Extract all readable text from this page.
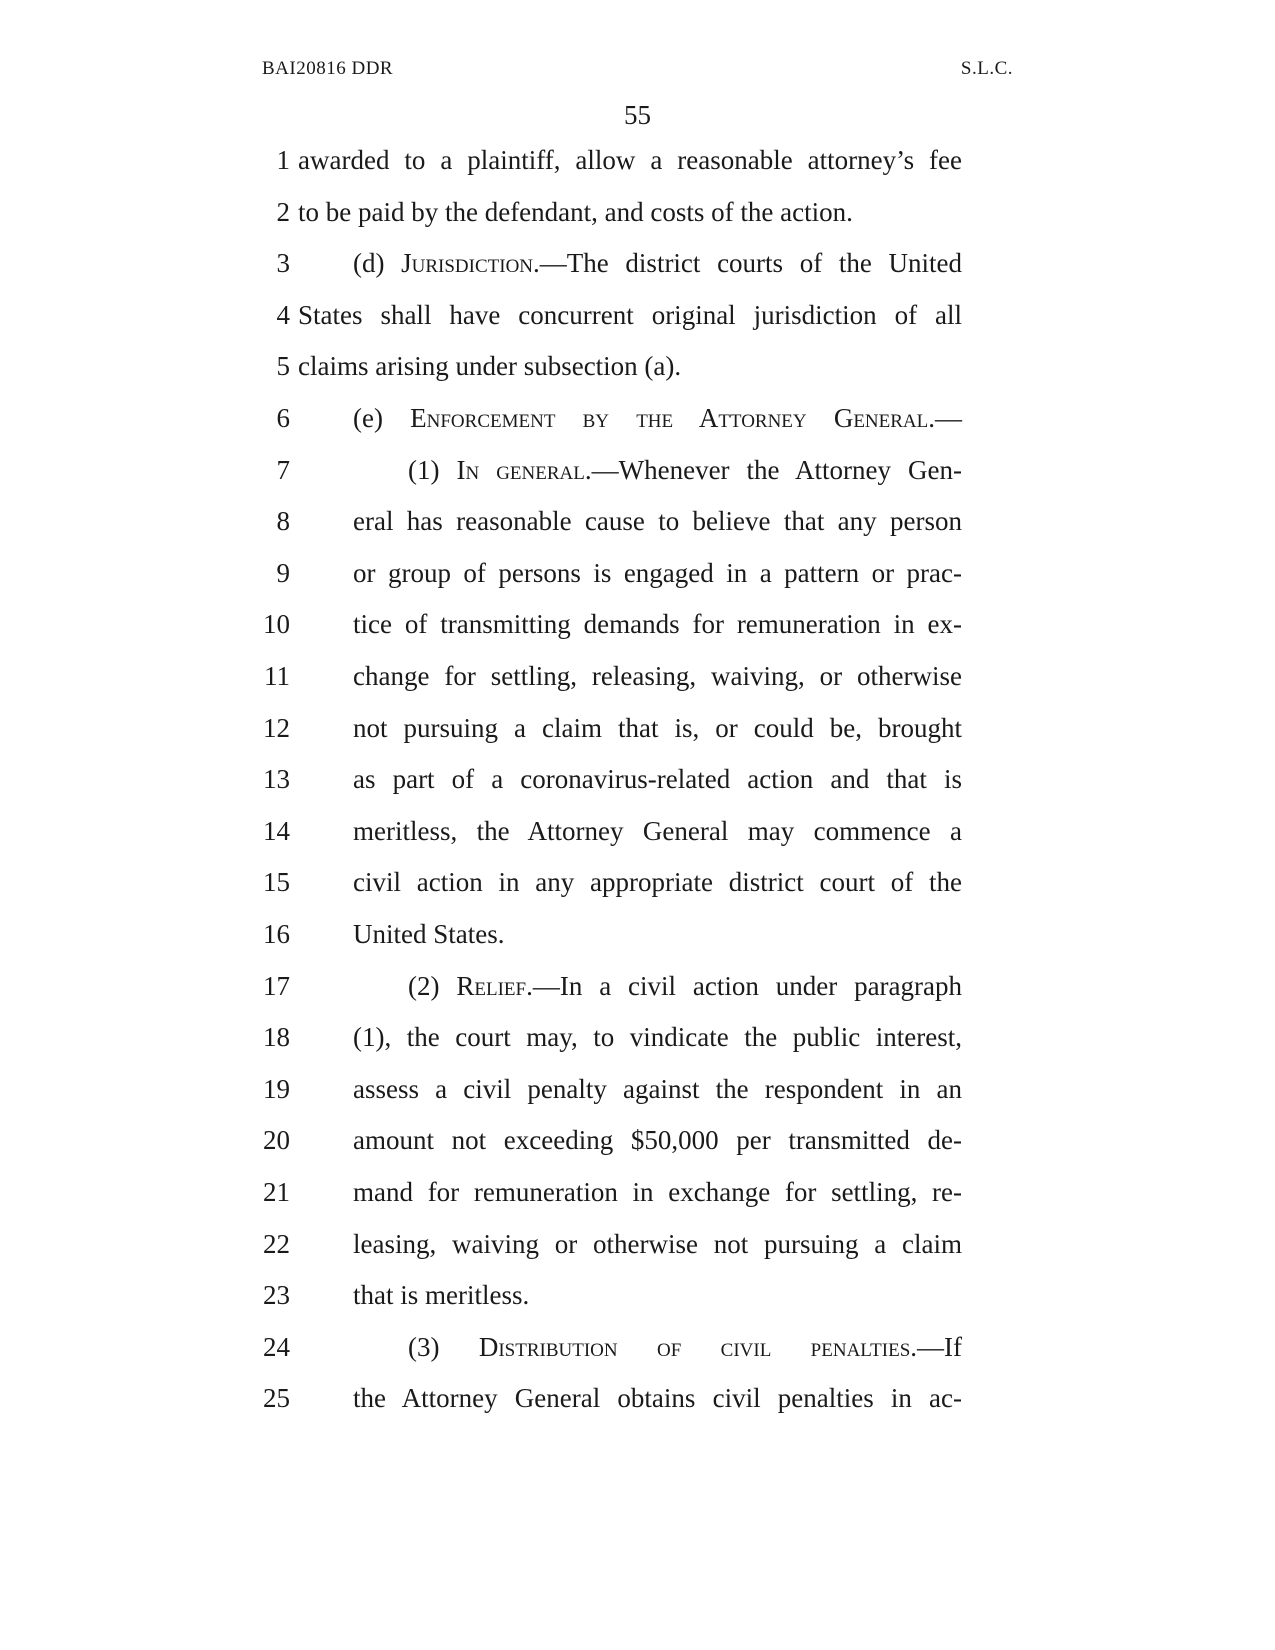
BAI20816 DDR	S.L.C.
55
1 awarded to a plaintiff, allow a reasonable attorney’s fee
2 to be paid by the defendant, and costs of the action.
3 (d) Jurisdiction.—The district courts of the United
4 States shall have concurrent original jurisdiction of all
5 claims arising under subsection (a).
6 (e) Enforcement by the Attorney General.—
7	(1) In general.—Whenever the Attorney Gen-
8 eral has reasonable cause to believe that any person
9 or group of persons is engaged in a pattern or prac-
10 tice of transmitting demands for remuneration in ex-
11 change for settling, releasing, waiving, or otherwise
12 not pursuing a claim that is, or could be, brought
13 as part of a coronavirus-related action and that is
14 meritless, the Attorney General may commence a
15 civil action in any appropriate district court of the
16 United States.
17	(2) Relief.—In a civil action under paragraph
18 (1), the court may, to vindicate the public interest,
19 assess a civil penalty against the respondent in an
20 amount not exceeding $50,000 per transmitted de-
21 mand for remuneration in exchange for settling, re-
22 leasing, waiving or otherwise not pursuing a claim
23 that is meritless.
24	(3) Distribution of civil penalties.—If
25 the Attorney General obtains civil penalties in ac-
